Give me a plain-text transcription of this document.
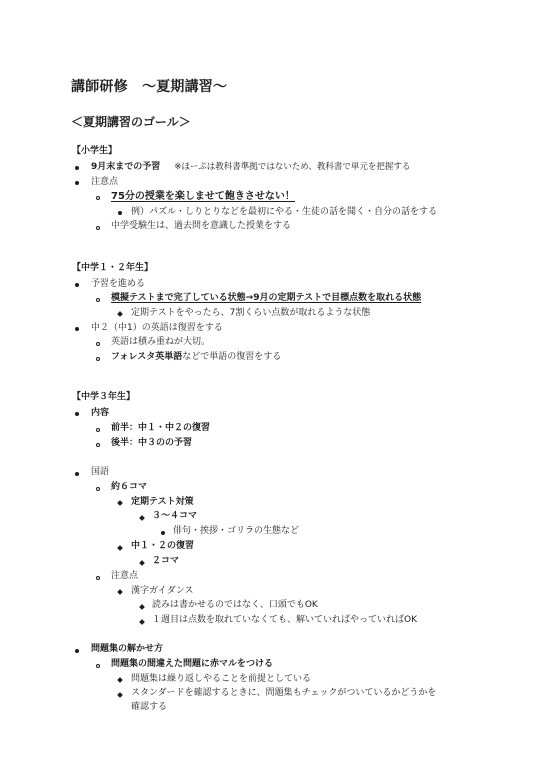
講師研修　〜夏期講習〜
＜夏期講習のゴール＞
【小学生】
9月末までの予習 ※ほーぷは教科書準拠ではないため、教科書で単元を把握する
注意点
75分の授業を楽しませて飽きさせない！
例）パズル・しりとりなどを最初にやる・生徒の話を聞く・自分の話をする
中学受験生は、過去問を意識した授業をする
【中学１・２年生】
予習を進める
模擬テストまで完了している状態→9月の定期テストで目標点数を取れる状態
定期テストをやったら、7割くらい点数が取れるような状態
中２（中1）の英語は復習をする
英語は積み重ねが大切。
フォレスタ英単語などで単語の復習をする
【中学３年生】
内容
前半：中１・中２の復習
後半：中３のの予習
国語
約６コマ
定期テスト対策
３〜４コマ
俳句・挨拶・ゴリラの生態など
中１・２の復習
２コマ
注意点
漢字ガイダンス
読みは書かせるのではなく、口頭でもOK
１週目は点数を取れていなくても、解いていればやっていればOK
問題集の解かせ方
問題集の間違えた問題に赤マルをつける
問題集は繰り返しやることを前提としている
スタンダードを確認するときに、問題集もチェックがついているかどうかを
確認する
